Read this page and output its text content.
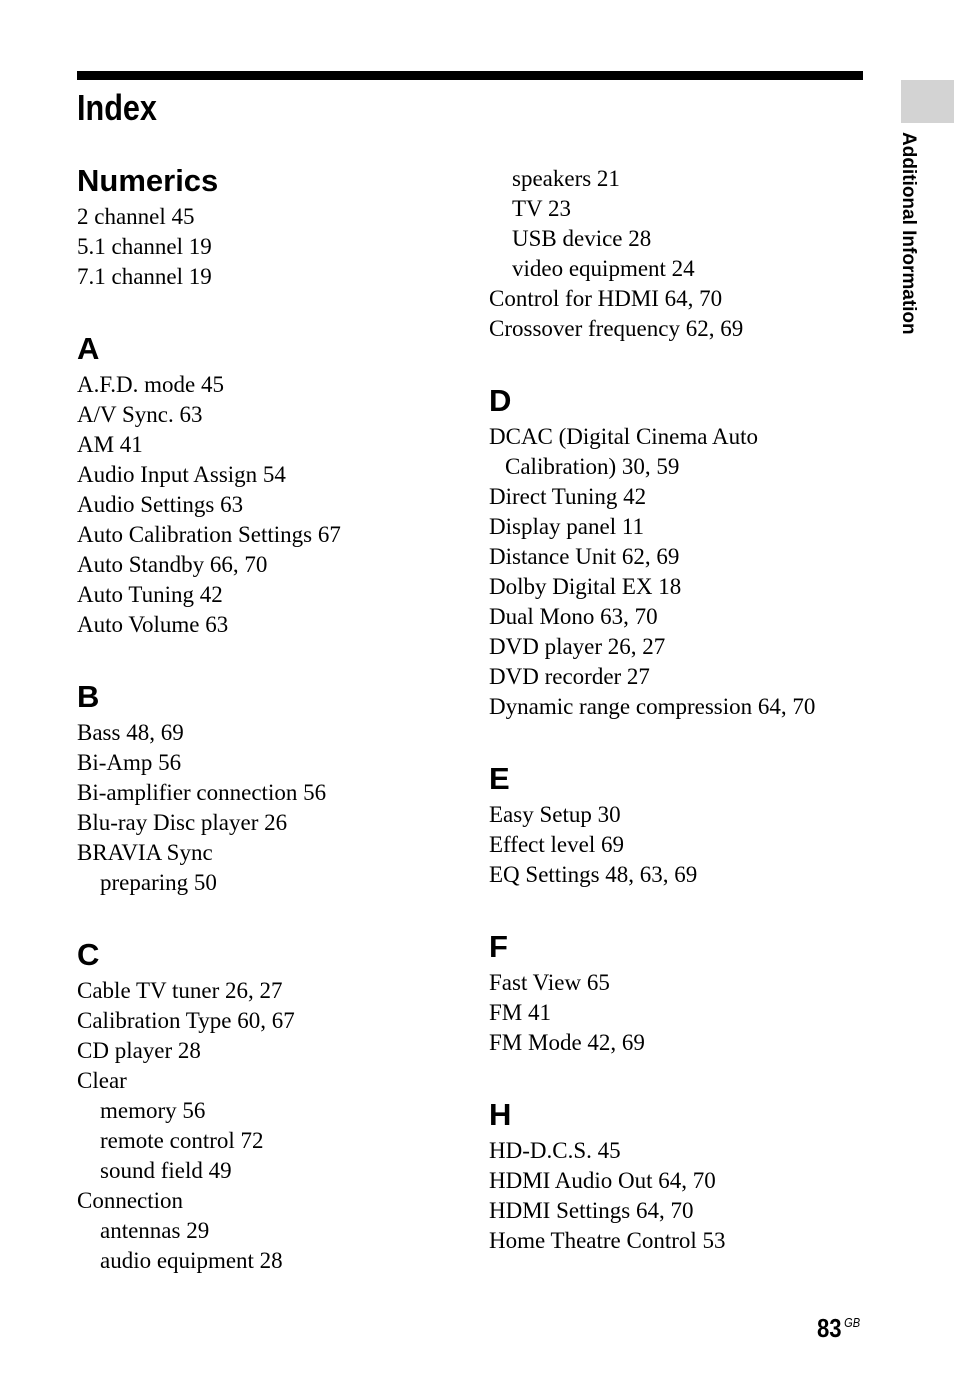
Index
Additional Information
Numerics
2 channel 45
5.1 channel 19
7.1 channel 19
A
A.F.D. mode 45
A/V Sync. 63
AM 41
Audio Input Assign 54
Audio Settings 63
Auto Calibration Settings 67
Auto Standby 66, 70
Auto Tuning 42
Auto Volume 63
B
Bass 48, 69
Bi-Amp 56
Bi-amplifier connection 56
Blu-ray Disc player 26
BRAVIA Sync
preparing 50
C
Cable TV tuner 26, 27
Calibration Type 60, 67
CD player 28
Clear
memory 56
remote control 72
sound field 49
Connection
antennas 29
audio equipment 28
speakers 21
TV 23
USB device 28
video equipment 24
Control for HDMI 64, 70
Crossover frequency 62, 69
D
DCAC (Digital Cinema Auto
Calibration) 30, 59
Direct Tuning 42
Display panel 11
Distance Unit 62, 69
Dolby Digital EX 18
Dual Mono 63, 70
DVD player 26, 27
DVD recorder 27
Dynamic range compression 64, 70
E
Easy Setup 30
Effect level 69
EQ Settings 48, 63, 69
F
Fast View 65
FM 41
FM Mode 42, 69
H
HD-D.C.S. 45
HDMI Audio Out 64, 70
HDMI Settings 64, 70
Home Theatre Control 53
83 $^{GB}$
